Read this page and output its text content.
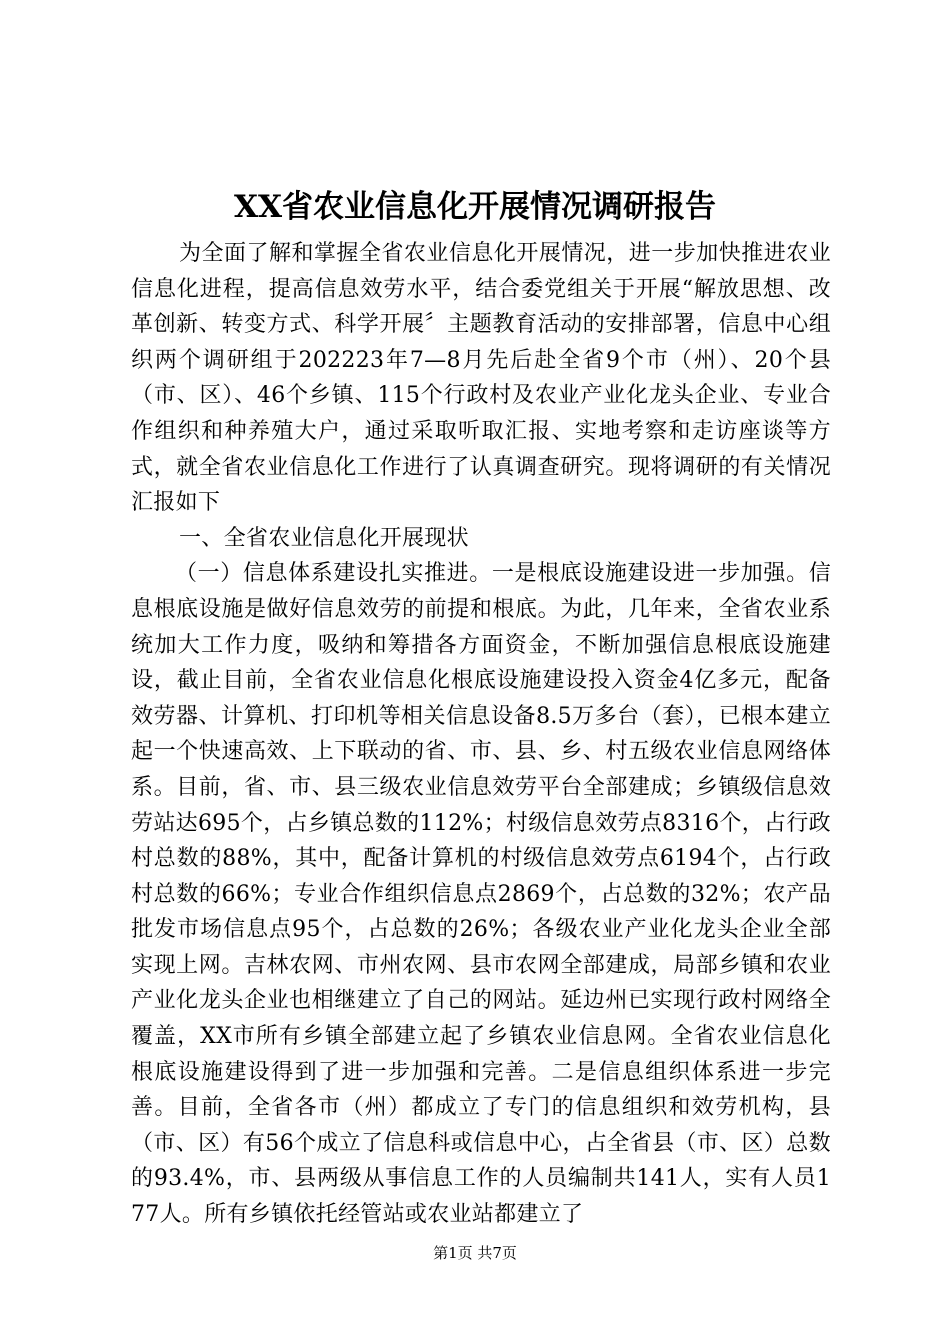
XX省农业信息化开展情况调研报告

为全面了解和掌握全省农业信息化开展情况，进一步加快推进农业信息化进程，提高信息效劳水平，结合委党组关于开展“解放思想、改革创新、转变方式、科学开展〞主题教育活动的安排部署，信息中心组织两个调研组于202223年7—8月先后赴全省9个市（州）、20个县（市、区）、46个乡镇、115个行政村及农业产业化龙头企业、专业合作组织和种养殖大户，通过采取听取汇报、实地考察和走访座谈等方式，就全省农业信息化工作进行了认真调查研究。现将调研的有关情况汇报如下

一、全省农业信息化开展现状

（一）信息体系建设扎实推进。一是根底设施建设进一步加强。信息根底设施是做好信息效劳的前提和根底。为此，几年来，全省农业系统加大工作力度，吸纳和筹措各方面资金，不断加强信息根底设施建设，截止目前，全省农业信息化根底设施建设投入资金4亿多元，配备效劳器、计算机、打印机等相关信息设备8.5万多台（套），已根本建立起一个快速高效、上下联动的省、市、县、乡、村五级农业信息网络体系。目前，省、市、县三级农业信息效劳平台全部建成；乡镇级信息效劳站达695个，占乡镇总数的112%；村级信息效劳点8316个，占行政村总数的88%，其中，配备计算机的村级信息效劳点6194个，占行政村总数的66%；专业合作组织信息点2869个，占总数的32%；农产品批发市场信息点95个，占总数的26%；各级农业产业化龙头企业全部实现上网。吉林农网、市州农网、县市农网全部建成，局部乡镇和农业产业化龙头企业也相继建立了自己的网站。延边州已实现行政村网络全覆盖，XX市所有乡镇全部建立起了乡镇农业信息网。全省农业信息化根底设施建设得到了进一步加强和完善。二是信息组织体系进一步完善。目前，全省各市（州）都成立了专门的信息组织和效劳机构，县（市、区）有56个成立了信息科或信息中心，占全省县（市、区）总数的93.4%，市、县两级从事信息工作的人员编制共141人，实有人员177人。所有乡镇依托经管站或农业站都建立了

第1页 共7页
